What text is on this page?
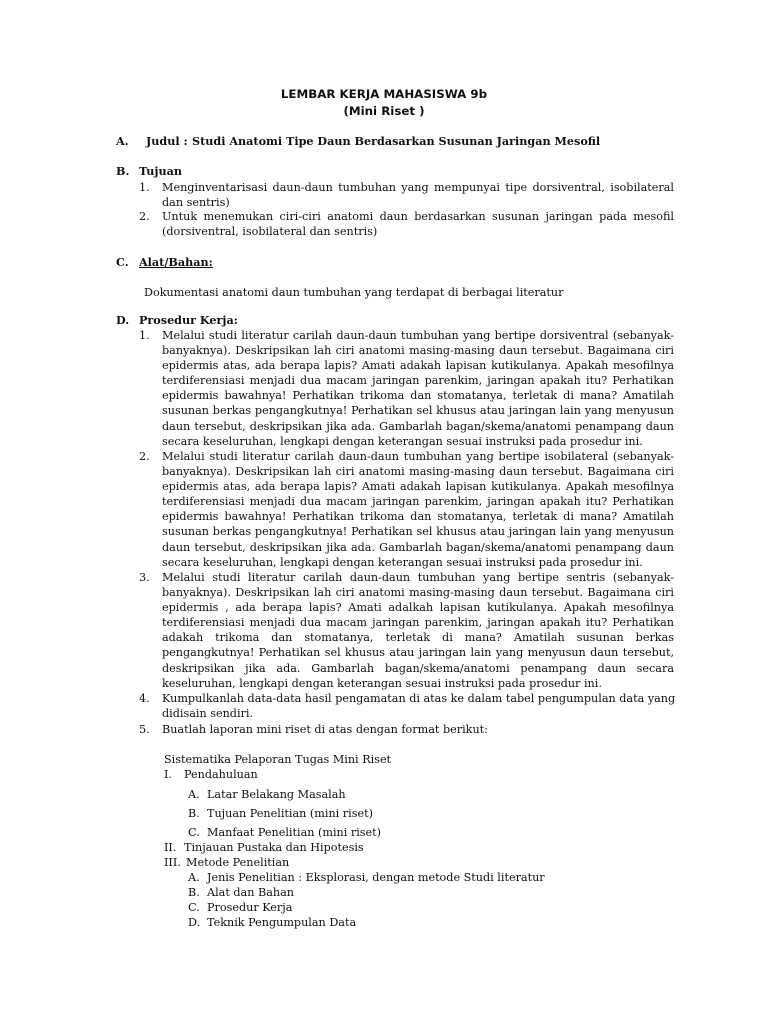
LEMBAR KERJA MAHASISWA 9b
(Mini Riset )
A. Judul : Studi Anatomi Tipe Daun Berdasarkan Susunan Jaringan Mesofil
B. Tujuan
1. Menginventarisasi daun-daun tumbuhan yang mempunyai tipe dorsiventral, isobilateral
dan sentris)
2. Untuk menemukan ciri-ciri anatomi daun berdasarkan susunan jaringan pada mesofil
(dorsiventral, isobilateral dan sentris)
C. Alat/Bahan:
Dokumentasi anatomi daun tumbuhan yang terdapat di berbagai literatur
D. Prosedur Kerja:
1. Melalui studi literatur carilah daun-daun tumbuhan yang bertipe dorsiventral (sebanyak-
banyaknya). Deskripsikan lah ciri anatomi masing-masing daun tersebut. Bagaimana ciri
epidermis atas, ada berapa lapis? Amati adakah lapisan kutikulanya. Apakah mesofilnya
terdiferensiasi menjadi dua macam jaringan parenkim, jaringan apakah itu? Perhatikan
epidermis bawahnya! Perhatikan trikoma dan stomatanya, terletak di mana? Amatilah
susunan berkas pengangkutnya! Perhatikan sel khusus atau jaringan lain yang menyusun
daun tersebut, deskripsikan jika ada. Gambarlah bagan/skema/anatomi penampang daun
secara keseluruhan, lengkapi dengan keterangan sesuai instruksi pada prosedur ini.
2. Melalui studi literatur carilah daun-daun tumbuhan yang bertipe isobilateral (sebanyak-
banyaknya). Deskripsikan lah ciri anatomi masing-masing daun tersebut. Bagaimana ciri
epidermis atas, ada berapa lapis? Amati adakah lapisan kutikulanya. Apakah mesofilnya
terdiferensiasi menjadi dua macam jaringan parenkim, jaringan apakah itu? Perhatikan
epidermis bawahnya! Perhatikan trikoma dan stomatanya, terletak di mana? Amatilah
susunan berkas pengangkutnya! Perhatikan sel khusus atau jaringan lain yang menyusun
daun tersebut, deskripsikan jika ada. Gambarlah bagan/skema/anatomi penampang daun
secara keseluruhan, lengkapi dengan keterangan sesuai instruksi pada prosedur ini.
3. Melalui studi literatur carilah daun-daun tumbuhan yang bertipe sentris (sebanyak-
banyaknya). Deskripsikan lah ciri anatomi masing-masing daun tersebut. Bagaimana ciri
epidermis , ada berapa lapis? Amati adalkah lapisan kutikulanya. Apakah mesofilnya
terdiferensiasi menjadi dua macam jaringan parenkim, jaringan apakah itu? Perhatikan
adakah trikoma dan stomatanya, terletak di mana? Amatilah susunan berkas
pengangkutnya! Perhatikan sel khusus atau jaringan lain yang menyusun daun tersebut,
deskripsikan jika ada. Gambarlah bagan/skema/anatomi penampang daun secara
keseluruhan, lengkapi dengan keterangan sesuai instruksi pada prosedur ini.
4. Kumpulkanlah data-data hasil pengamatan di atas ke dalam tabel pengumpulan data yang
didisain sendiri.
5. Buatlah laporan mini riset di atas dengan format berikut:
Sistematika Pelaporan Tugas Mini Riset
I. Pendahuluan
A. Latar Belakang Masalah
B. Tujuan Penelitian (mini riset)
C. Manfaat Penelitian (mini riset)
II. Tinjauan Pustaka dan Hipotesis
III. Metode Penelitian
A. Jenis Penelitian : Eksplorasi, dengan metode Studi literatur
B. Alat dan Bahan
C. Prosedur Kerja
D. Teknik Pengumpulan Data
